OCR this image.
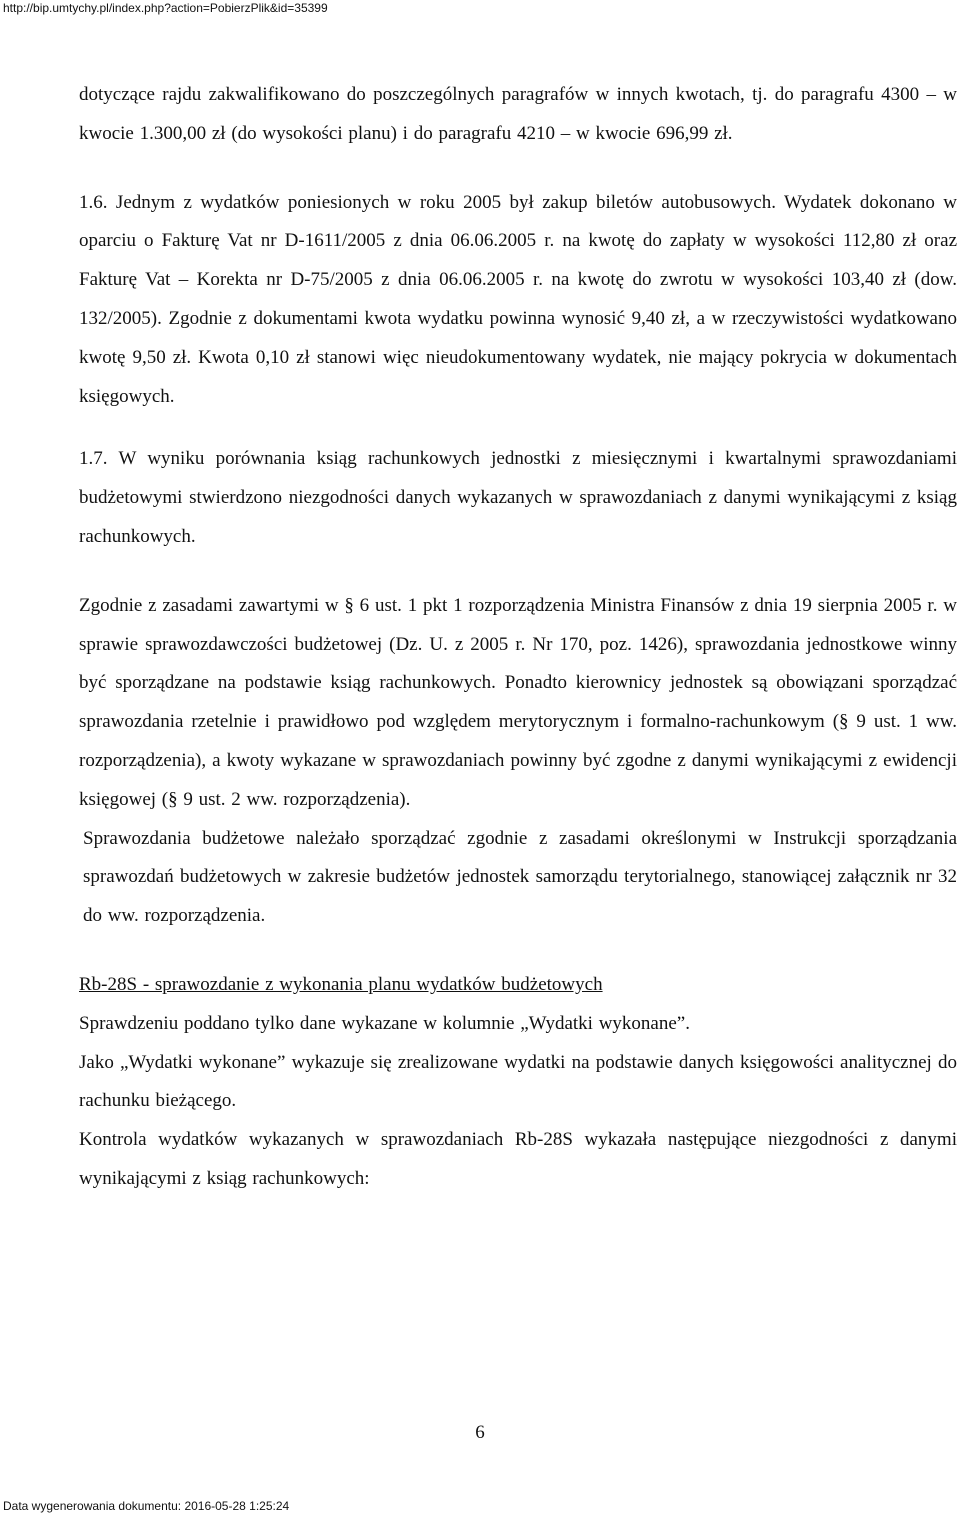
http://bip.umtychy.pl/index.php?action=PobierzPlik&id=35399

dotyczące rajdu zakwalifikowano do poszczególnych paragrafów w innych kwotach, tj. do paragrafu 4300 – w kwocie 1.300,00 zł (do wysokości planu) i do paragrafu 4210 – w kwocie 696,99 zł.

1.6. Jednym z wydatków poniesionych w roku 2005 był zakup biletów autobusowych. Wydatek dokonano w oparciu o Fakturę Vat nr D-1611/2005 z dnia 06.06.2005 r. na kwotę do zapłaty w wysokości 112,80 zł oraz Fakturę Vat – Korekta nr D-75/2005 z dnia 06.06.2005 r. na kwotę do zwrotu w wysokości 103,40 zł (dow. 132/2005). Zgodnie z dokumentami kwota wydatku powinna wynosić 9,40 zł, a w rzeczywistości wydatkowano kwotę 9,50 zł. Kwota 0,10 zł stanowi więc nieudokumentowany wydatek, nie mający pokrycia w dokumentach księgowych.

1.7. W wyniku porównania ksiąg rachunkowych jednostki z miesięcznymi i kwartalnymi sprawozdaniami budżetowymi stwierdzono niezgodności danych wykazanych w sprawozdaniach z danymi wynikającymi z ksiąg rachunkowych.

Zgodnie z zasadami zawartymi w § 6 ust. 1 pkt 1 rozporządzenia Ministra Finansów z dnia 19 sierpnia 2005 r. w sprawie sprawozdawczości budżetowej (Dz. U. z 2005 r. Nr 170, poz. 1426), sprawozdania jednostkowe winny być sporządzane na podstawie ksiąg rachunkowych. Ponadto kierownicy jednostek są obowiązani sporządzać sprawozdania rzetelnie i prawidłowo pod względem merytorycznym i formalno-rachunkowym (§ 9 ust. 1 ww. rozporządzenia), a kwoty wykazane w sprawozdaniach powinny być zgodne z danymi wynikającymi z ewidencji księgowej (§ 9 ust. 2 ww. rozporządzenia).

Sprawozdania budżetowe należało sporządzać zgodnie z zasadami określonymi w Instrukcji sporządzania sprawozdań budżetowych w zakresie budżetów jednostek samorządu terytorialnego, stanowiącej załącznik nr 32 do ww. rozporządzenia.

Rb-28S - sprawozdanie z wykonania planu wydatków budżetowych

Sprawdzeniu poddano tylko dane wykazane w kolumnie „Wydatki wykonane”.

Jako „Wydatki wykonane” wykazuje się zrealizowane wydatki na podstawie danych księgowości analitycznej do rachunku bieżącego.

Kontrola wydatków wykazanych w sprawozdaniach Rb-28S wykazała następujące niezgodności z danymi wynikającymi z ksiąg rachunkowych:

6
Data wygenerowania dokumentu: 2016-05-28 1:25:24
